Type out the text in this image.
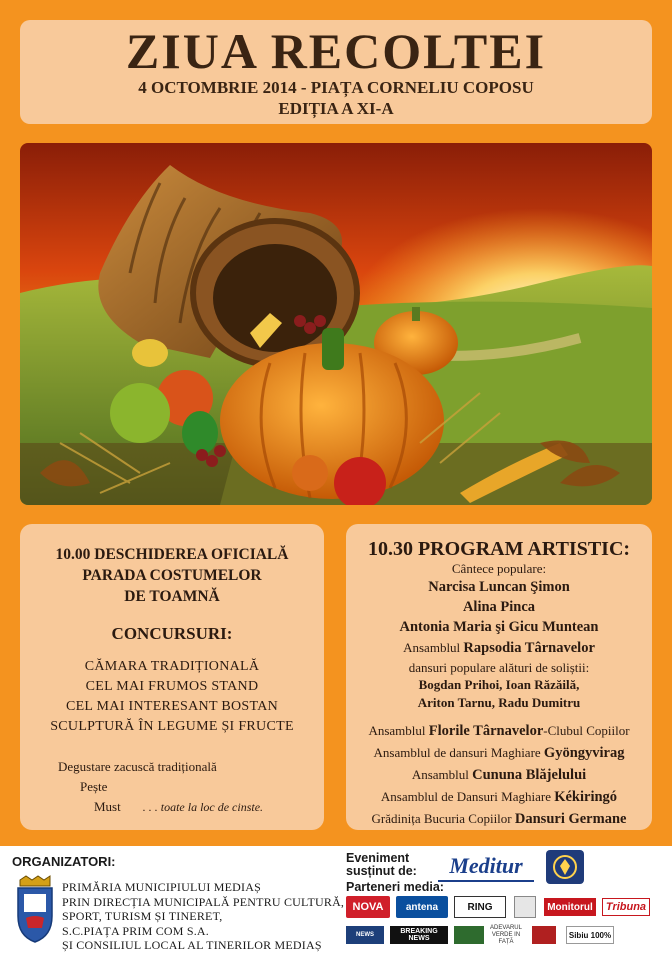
ZIUA RECOLTEI
4 OCTOMBRIE 2014 - PIAȚA CORNELIU COPOSU
EDIȚIA A XI-A
10.00 DESCHIDEREA OFICIALĂ
PARADA COSTUMELOR
DE TOAMNĂ
CONCURSURI:
CĂMARA TRADIȚIONALĂ
CEL MAI FRUMOS STAND
CEL MAI INTERESANT BOSTAN
SCULPTURĂ ÎN LEGUME ȘI FRUCTE
Degustare zacuscă tradițională
Pește
Must . . . toate la loc de cinste.
10.30 PROGRAM ARTISTIC:
Cântece populare:
Narcisa Luncan Şimon
Alina Pinca
Antonia Maria şi Gicu Muntean
Ansamblul Rapsodia Târnavelor
dansuri populare alături de soliștii:
Bogdan Prihoi, Ioan Răzăilă,
Ariton Tarnu, Radu Dumitru
Ansamblul Florile Târnavelor-Clubul Copiilor
Ansamblul de dansuri Maghiare Gyöngyvirag
Ansamblul Cununa Blăjelului
Ansamblul de Dansuri Maghiare Kékiringó
Grădinița Bucuria Copiilor Dansuri Germane
ORGANIZATORI:
PRIMĂRIA MUNICIPIULUI MEDIAȘ
PRIN DIRECȚIA MUNICIPALĂ PENTRU CULTURĂ,
SPORT, TURISM ȘI TINERET,
S.C.PIAȚA PRIM COM S.A.
ȘI CONSILIUL LOCAL AL TINERILOR MEDIAȘ
Eveniment
susținut de:	Meditur
Parteneri media:
NOVA	antena	RING	Monitorul	Tribuna
NEWS	BREAKING NEWS
ADEVARUL VERDE IN FAȚĂ
Sibiu 100%
